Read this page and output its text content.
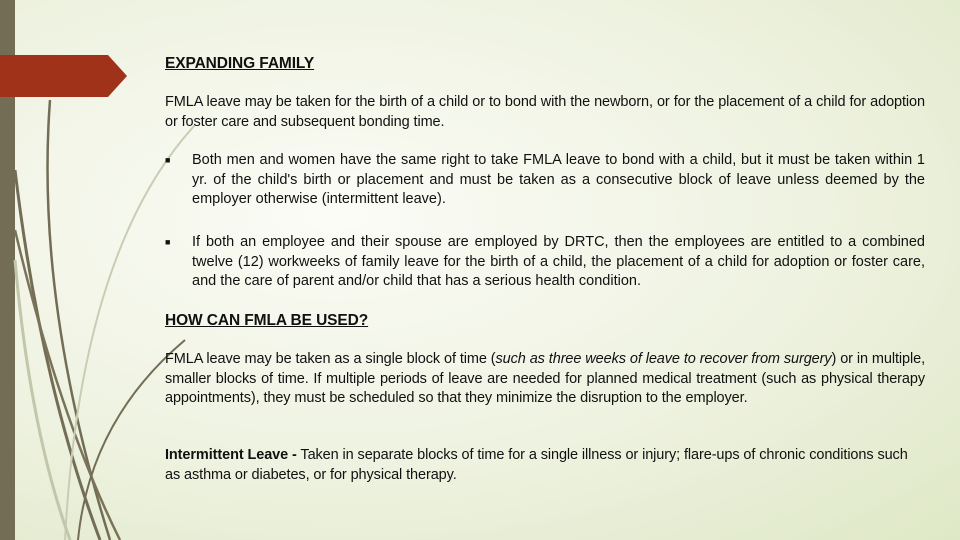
EXPANDING FAMILY
FMLA leave may be taken for the birth of a child or to bond with the newborn, or for the placement of a child for adoption or foster care and subsequent bonding time.
■ Both men and women have the same right to take FMLA leave to bond with a child, but it must be taken within 1 yr. of the child's birth or placement and must be taken as a consecutive block of leave unless deemed by the employer otherwise (intermittent leave).
■ If both an employee and their spouse are employed by DRTC, then the employees are entitled to a combined twelve (12) workweeks of family leave for the birth of a child, the placement of a child for adoption or foster care, and the care of parent and/or child that has a serious health condition.
HOW CAN FMLA BE USED?
FMLA leave may be taken as a single block of time (such as three weeks of leave to recover from surgery) or in multiple, smaller blocks of time. If multiple periods of leave are needed for planned medical treatment (such as physical therapy appointments), they must be scheduled so that they minimize the disruption to the employer.
Intermittent Leave - Taken in separate blocks of time for a single illness or injury; flare-ups of chronic conditions such as asthma or diabetes, or for physical therapy.
